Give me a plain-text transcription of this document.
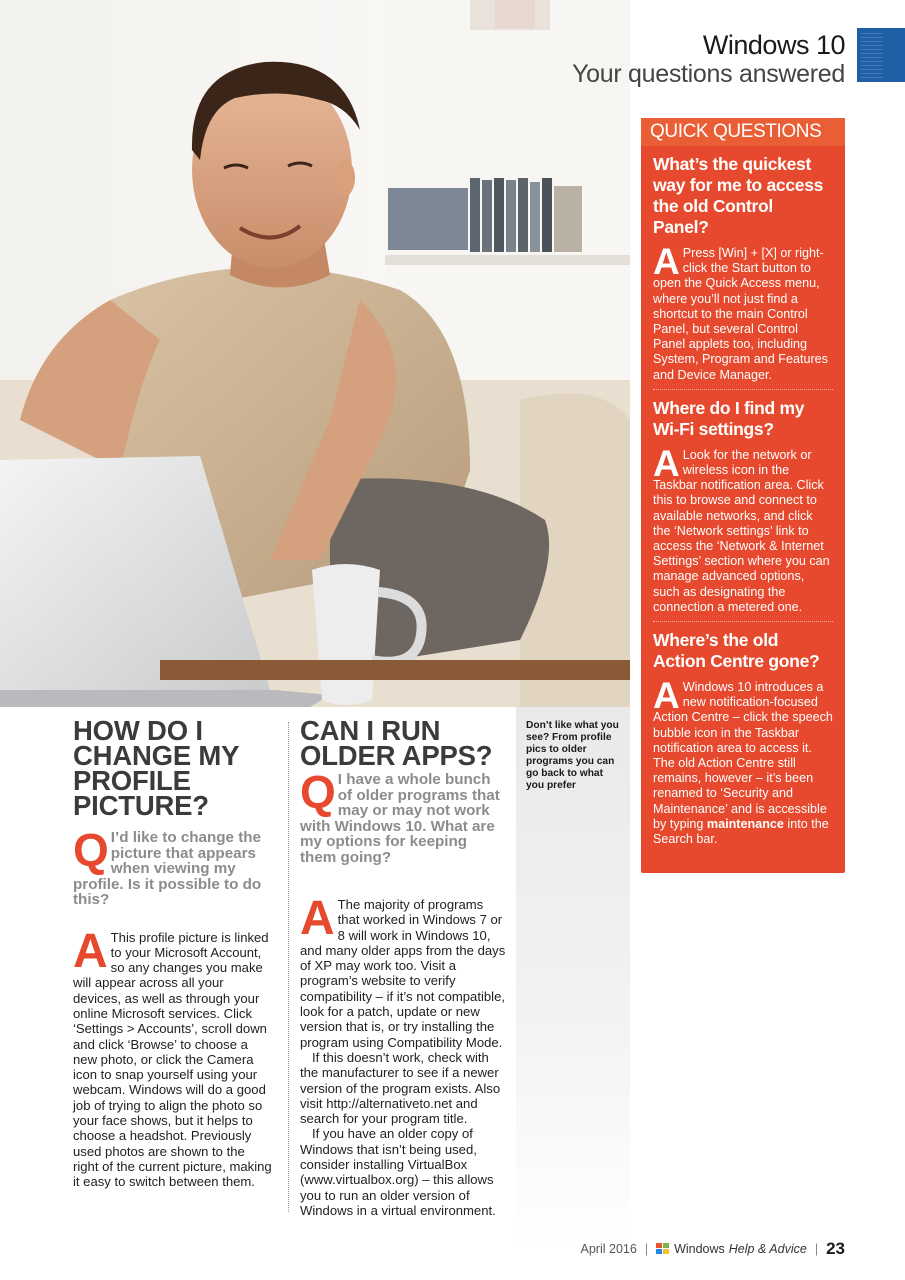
Windows 10
Your questions answered
QUICK QUESTIONS
What’s the quickest way for me to access the old Control Panel?
A Press [Win] + [X] or right-click the Start button to open the Quick Access menu, where you’ll not just find a shortcut to the main Control Panel, but several Control Panel applets too, including System, Program and Features and Device Manager.
Where do I find my Wi-Fi settings?
A Look for the network or wireless icon in the Taskbar notification area. Click this to browse and connect to available networks, and click the ‘Network settings’ link to access the ‘Network & Internet Settings’ section where you can manage advanced options, such as designating the connection a metered one.
Where’s the old Action Centre gone?
A Windows 10 introduces a new notification-focused Action Centre – click the speech bubble icon in the Taskbar notification area to access it. The old Action Centre still remains, however – it’s been renamed to ‘Security and Maintenance’ and is accessible by typing maintenance into the Search bar.
Don’t like what you see? From profile pics to older programs you can go back to what you prefer
HOW DO I CHANGE MY PROFILE PICTURE?
Q I’d like to change the picture that appears when viewing my profile. Is it possible to do this?
A This profile picture is linked to your Microsoft Account, so any changes you make will appear across all your devices, as well as through your online Microsoft services. Click ‘Settings > Accounts’, scroll down and click ‘Browse’ to choose a new photo, or click the Camera icon to snap yourself using your webcam. Windows will do a good job of trying to align the photo so your face shows, but it helps to choose a headshot. Previously used photos are shown to the right of the current picture, making it easy to switch between them.

CAN I RUN OLDER APPS?
Q I have a whole bunch of older programs that may or may not work with Windows 10. What are my options for keeping them going?
A The majority of programs that worked in Windows 7 or 8 will work in Windows 10, and many older apps from the days of XP may work too. Visit a program’s website to verify compatibility – if it’s not compatible, look for a patch, update or new version that is, or try installing the program using Compatibility Mode.

If this doesn’t work, check with the manufacturer to see if a newer version of the program exists. Also visit http://alternativeto.net and search for your program title.

If you have an older copy of Windows that isn’t being used, consider installing VirtualBox (www.virtualbox.org) – this allows you to run an older version of Windows in a virtual environment.

April 2016 | Windows Help & Advice | 23
